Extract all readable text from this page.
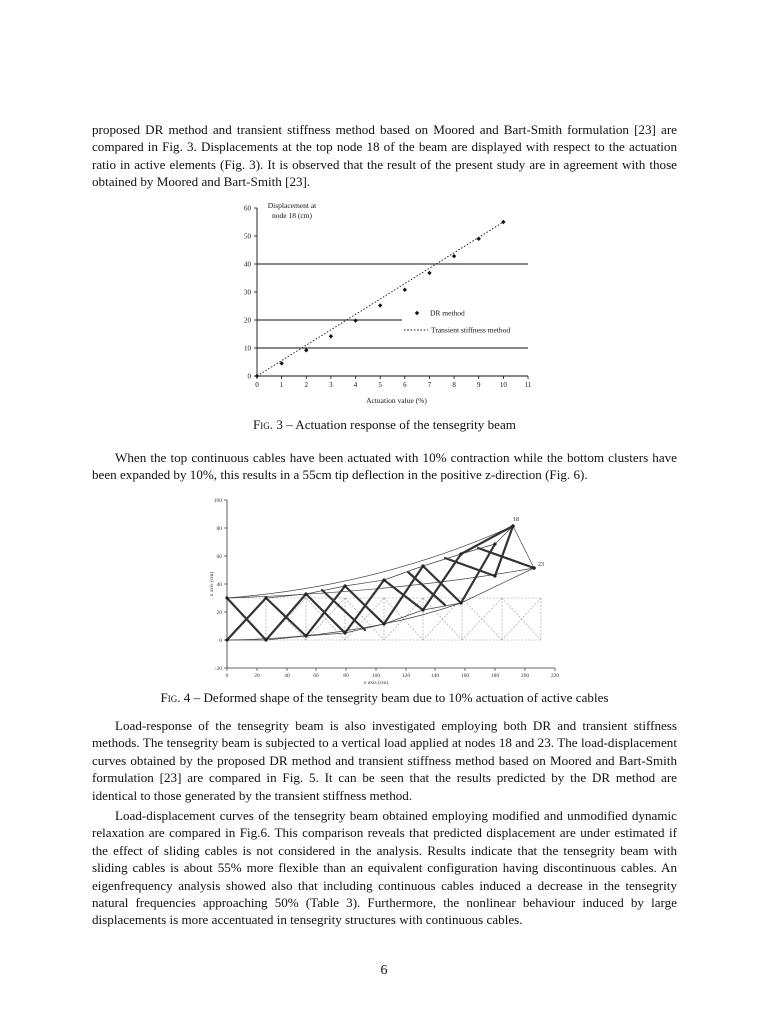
proposed DR method and transient stiffness method based on Moored and Bart-Smith formulation [23] are compared in Fig. 3. Displacements at the top node 18 of the beam are displayed with respect to the actuation ratio in active elements (Fig. 3). It is observed that the result of the present study are in agreement with those obtained by Moored and Bart-Smith [23].

0
10
20
30
40
50
60
0	1	2	3	4	5	6	7	8	9	10	11
Actuation value (%)
Displacement at
node 18 (cm)
DR method
Transient stiffness method

Fig. 3 – Actuation response of the tensegrity beam

When the top continuous cables have been actuated with 10% contraction while the bottom clusters have been expanded by 10%, this results in a 55cm tip deflection in the positive z-direction (Fig. 6).

100
80
60
40
20
0
-20
0	20	40	60	80	100	120	140	160	180	200	220
x axis (cm)
z axis (cm)
18
23

Fig. 4 – Deformed shape of the tensegrity beam due to 10% actuation of active cables

Load-response of the tensegrity beam is also investigated employing both DR and transient stiffness methods. The tensegrity beam is subjected to a vertical load applied at nodes 18 and 23. The load-displacement curves obtained by the proposed DR method and transient stiffness method based on Moored and Bart-Smith formulation [23] are compared in Fig. 5. It can be seen that the results predicted by the DR method are identical to those generated by the transient stiffness method.

Load-displacement curves of the tensegrity beam obtained employing modified and unmodified dynamic relaxation are compared in Fig.6. This comparison reveals that predicted displacement are under estimated if the effect of sliding cables is not considered in the analysis. Results indicate that the tensegrity beam with sliding cables is about 55% more flexible than an equivalent configuration having discontinuous cables. An eigenfrequency analysis showed also that including continuous cables induced a decrease in the tensegrity natural frequencies approaching 50% (Table 3). Furthermore, the nonlinear behaviour induced by large displacements is more accentuated in tensegrity structures with continuous cables.

6
